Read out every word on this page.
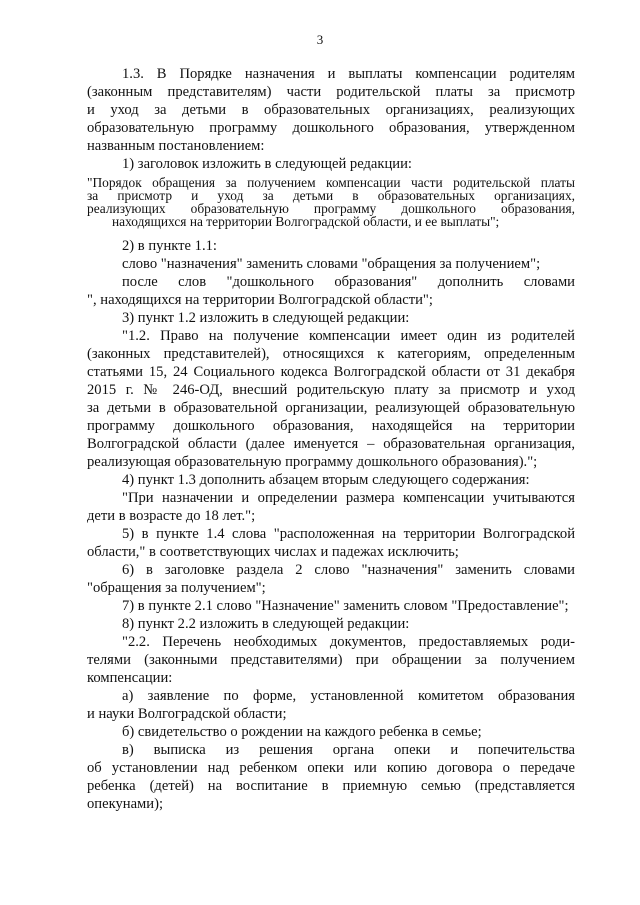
3
1.3. В Порядке назначения и выплаты компенсации родителям
(законным представителям) части родительской платы за присмотр
и уход за детьми в образовательных организациях, реализующих
образовательную программу дошкольного образования, утвержденном
названным постановлением:
1) заголовок изложить в следующей редакции:
"Порядок обращения за получением компенсации части родительской платы
за присмотр и уход за детьми в образовательных организациях,
реализующих образовательную программу дошкольного образования,
находящихся на территории Волгоградской области, и ее выплаты";
2) в пункте 1.1:
слово "назначения" заменить словами "обращения за получением";
после слов "дошкольного образования" дополнить словами
", находящихся на территории Волгоградской области";
3) пункт 1.2 изложить в следующей редакции:
"1.2. Право на получение компенсации имеет один из родителей
(законных представителей), относящихся к категориям, определенным
статьями 15, 24 Социального кодекса Волгоградской области от 31 декабря
2015 г. № 246-ОД, внесший родительскую плату за присмотр и уход
за детьми в образовательной организации, реализующей образовательную
программу дошкольного образования, находящейся на территории
Волгоградской области (далее именуется – образовательная организация,
реализующая образовательную программу дошкольного образования).";
4) пункт 1.3 дополнить абзацем вторым следующего содержания:
"При назначении и определении размера компенсации учитываются
дети в возрасте до 18 лет.";
5) в пункте 1.4 слова "расположенная на территории Волгоградской
области," в соответствующих числах и падежах исключить;
6) в заголовке раздела 2 слово "назначения" заменить словами
"обращения за получением";
7) в пункте 2.1 слово "Назначение" заменить словом "Предоставление";
8) пункт 2.2 изложить в следующей редакции:
"2.2. Перечень необходимых документов, предоставляемых роди-
телями (законными представителями) при обращении за получением
компенсации:
а) заявление по форме, установленной комитетом образования
и науки Волгоградской области;
б) свидетельство о рождении на каждого ребенка в семье;
в) выписка из решения органа опеки и попечительства
об установлении над ребенком опеки или копию договора о передаче
ребенка (детей) на воспитание в приемную семью (представляется
опекунами);
